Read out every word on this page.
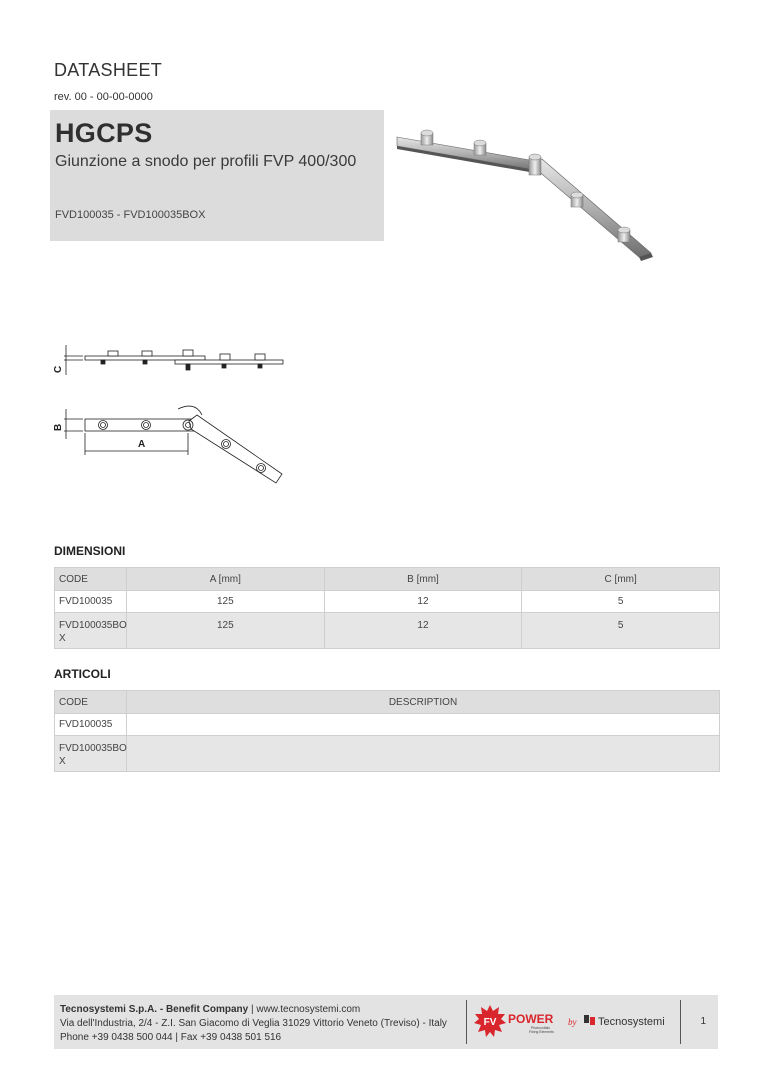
DATASHEET
rev. 00 - 00-00-0000
HGCPS
Giunzione a snodo per profili FVP 400/300
FVD100035 - FVD100035BOX
C
B
A
DIMENSIONI
CODE	A [mm]	B [mm]	C [mm]
FVD100035	125	12	5
FVD100035BO X	125	12	5
ARTICOLI
CODE	DESCRIPTION
FVD100035	
FVD100035BO X	
Tecnosystemi S.p.A. - Benefit Company | www.tecnosystemi.com
Via dell'Industria, 2/4 - Z.I. San Giacomo di Veglia 31029 Vittorio Veneto (Treviso) - Italy
Phone +39 0438 500 044 | Fax +39 0438 501 516
FV POWER
Photovoltaic
Fixing Elements
by Tecnosystemi	1
